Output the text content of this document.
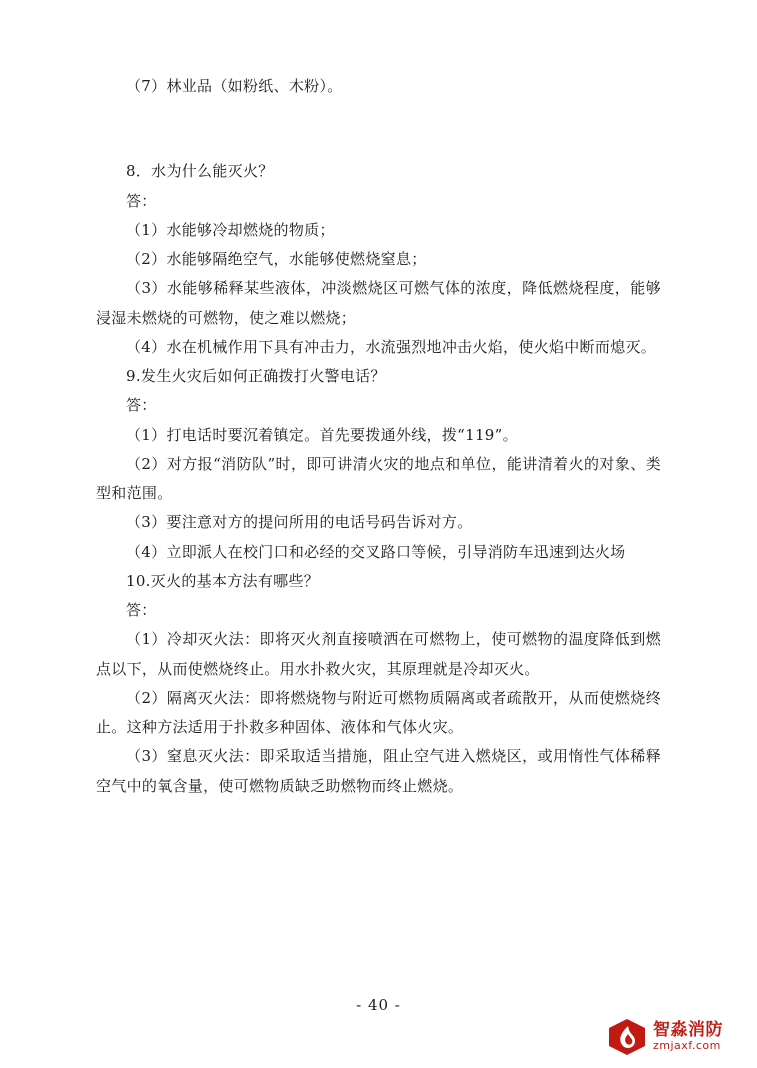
（7）林业品（如粉纸、木粉）。

8．水为什么能灭火？

答：

（1）水能够冷却燃烧的物质；

（2）水能够隔绝空气，水能够使燃烧窒息；

（3）水能够稀释某些液体，冲淡燃烧区可燃气体的浓度，降低燃烧程度，能够浸湿未燃烧的可燃物，使之难以燃烧；

（4）水在机械作用下具有冲击力，水流强烈地冲击火焰，使火焰中断而熄灭。

9.发生火灾后如何正确拨打火警电话？

答：

（1）打电话时要沉着镇定。首先要拨通外线，拨“119”。

（2）对方报“消防队”时，即可讲清火灾的地点和单位，能讲清着火的对象、类型和范围。

（3）要注意对方的提问所用的电话号码告诉对方。

（4）立即派人在校门口和必经的交叉路口等候，引导消防车迅速到达火场

10.灭火的基本方法有哪些？

答：

（1）冷却灭火法：即将灭火剂直接喷洒在可燃物上，使可燃物的温度降低到燃点以下，从而使燃烧终止。用水扑救火灾，其原理就是冷却灭火。

（2）隔离灭火法：即将燃烧物与附近可燃物质隔离或者疏散开，从而使燃烧终止。这种方法适用于扑救多种固体、液体和气体火灾。

（3）窒息灭火法：即采取适当措施，阻止空气进入燃烧区，或用惰性气体稀释空气中的氧含量，使可燃物质缺乏助燃物而终止燃烧。

- 40 -
智淼消防
zmjaxf.com
